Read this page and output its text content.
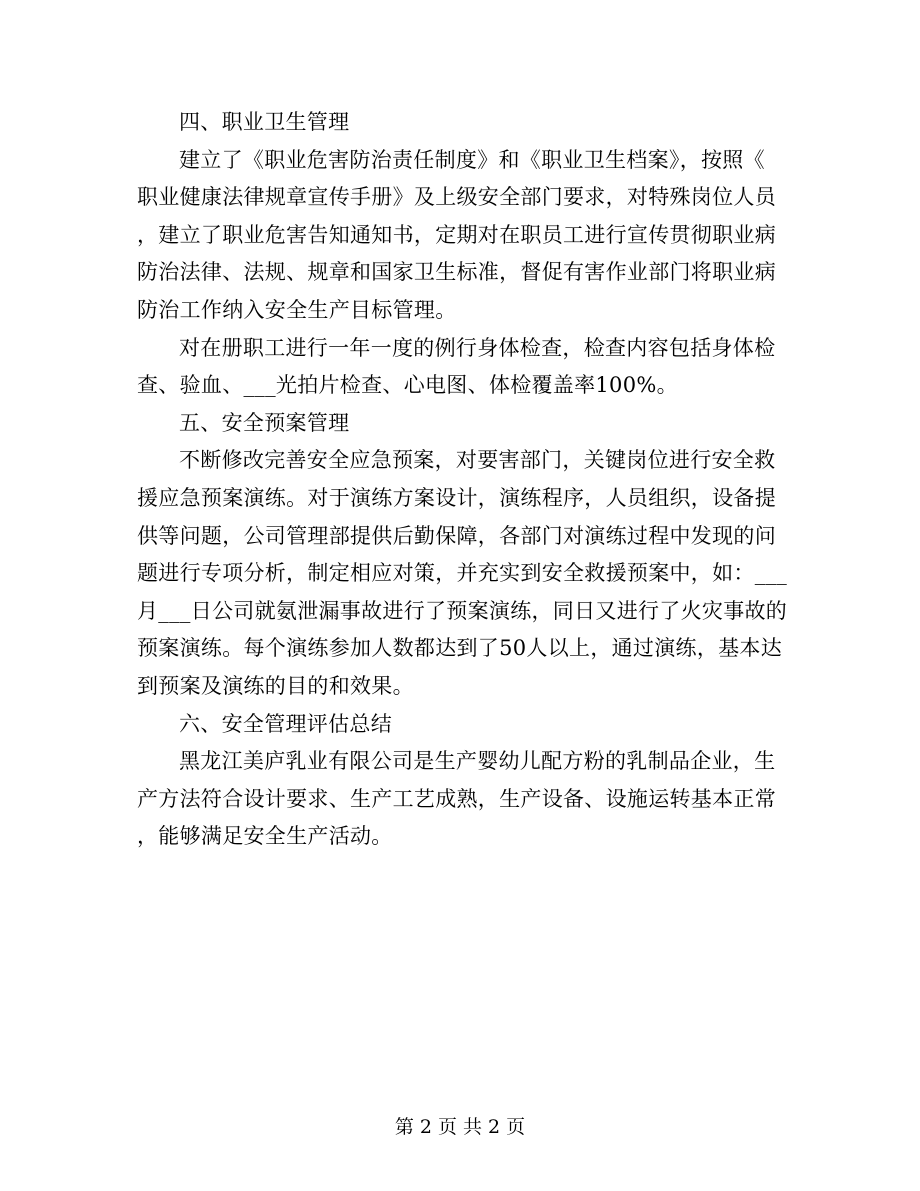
四、职业卫生管理
建立了《职业危害防治责任制度》和《职业卫生档案》，按照《
职业健康法律规章宣传手册》及上级安全部门要求，对特殊岗位人员
，建立了职业危害告知通知书，定期对在职员工进行宣传贯彻职业病
防治法律、法规、规章和国家卫生标准，督促有害作业部门将职业病
防治工作纳入安全生产目标管理。
对在册职工进行一年一度的例行身体检查，检查内容包括身体检
查、验血、___光拍片检查、心电图、体检覆盖率100%。
五、安全预案管理
不断修改完善安全应急预案，对要害部门，关键岗位进行安全救
援应急预案演练。对于演练方案设计，演练程序，人员组织，设备提
供等问题，公司管理部提供后勤保障，各部门对演练过程中发现的问
题进行专项分析，制定相应对策，并充实到安全救援预案中，如：___
月___日公司就氨泄漏事故进行了预案演练，同日又进行了火灾事故的
预案演练。每个演练参加人数都达到了50人以上，通过演练，基本达
到预案及演练的目的和效果。
六、安全管理评估总结
黑龙江美庐乳业有限公司是生产婴幼儿配方粉的乳制品企业，生
产方法符合设计要求、生产工艺成熟，生产设备、设施运转基本正常
，能够满足安全生产活动。
第 2 页 共 2 页
